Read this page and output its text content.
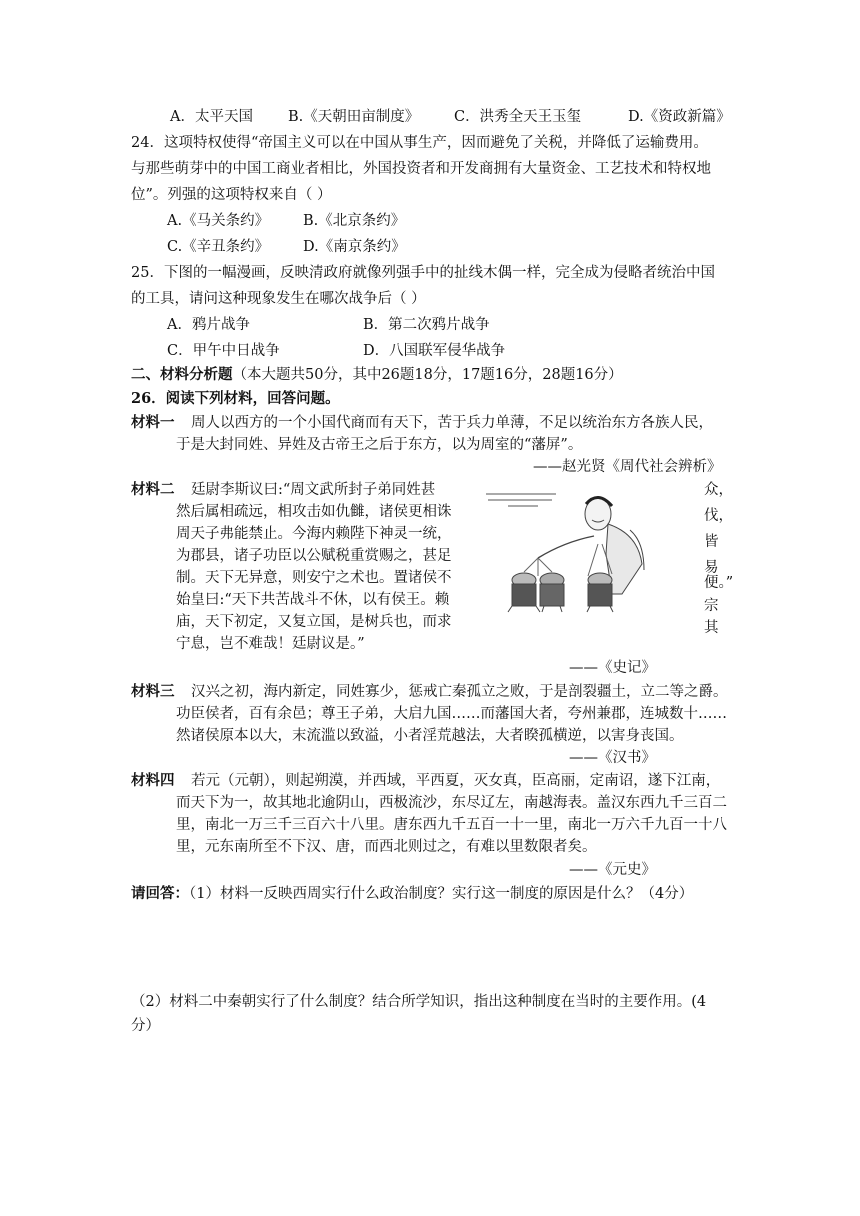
A．太平天国 B.《天朝田亩制度》 C．洪秀全天王玉玺	D.《资政新篇》
24．这项特权使得“帝国主义可以在中国从事生产，因而避免了关税，并降低了运输费用。
与那些萌芽中的中国工商业者相比，外国投资者和开发商拥有大量资金、工艺技术和特权地
位”。列强的这项特权来自（ ）
A.《马关条约》 B.《北京条约》
C.《辛丑条约》 D.《南京条约》
25．下图的一幅漫画，反映清政府就像列强手中的扯线木偶一样，完全成为侵略者统治中国
的工具，请问这种现象发生在哪次战争后（ ）
A．鸦片战争	B．第二次鸦片战争
C．甲午中日战争	D．八国联军侵华战争
二、材料分析题（本大题共50分，其中26题18分，17题16分，28题16分）
26．阅读下列材料，回答问题。
材料一 周人以西方的一个小国代商而有天下，苦于兵力单薄，不足以统治东方各族人民，
于是大封同姓、异姓及古帝王之后于东方，以为周室的“藩屏”。
——赵光贤《周代社会辨析》
材料二 廷尉李斯议曰:“周文武所封子弟同姓甚
然后属相疏远，相攻击如仇雠，诸侯更相诛
周天子弗能禁止。今海内赖陛下神灵一统，
为郡县，诸子功臣以公赋税重赏赐之，甚足
制。天下无异意，则安宁之术也。置诸侯不
始皇曰:“天下共苦战斗不休，以有侯王。赖
庙，天下初定，又复立国，是树兵也，而求
宁息，岂不难哉！廷尉议是。”
众，
伐，
皆
易
便。”
宗
其
——《史记》
材料三 汉兴之初，海内新定，同姓寡少，惩戒亡秦孤立之败，于是剖裂疆土，立二等之爵。
功臣侯者，百有余邑；尊王子弟，大启九国……而藩国大者，夸州兼郡，连城数十……
然诸侯原本以大，末流滥以致溢，小者淫荒越法，大者睽孤横逆，以害身丧国。
——《汉书》
材料四 若元（元朝），则起朔漠，并西域，平西夏，灭女真，臣高丽，定南诏，遂下江南，
而天下为一，故其地北逾阴山，西极流沙，东尽辽左，南越海表。盖汉东西九千三百二
里，南北一万三千三百六十八里。唐东西九千五百一十一里，南北一万六千九百一十八
里，元东南所至不下汉、唐，而西北则过之，有难以里数限者矣。
——《元史》
请回答：（1）材料一反映西周实行什么政治制度？实行这一制度的原因是什么？（4分）
（2）材料二中秦朝实行了什么制度？结合所学知识，指出这种制度在当时的主要作用。(4
分）
